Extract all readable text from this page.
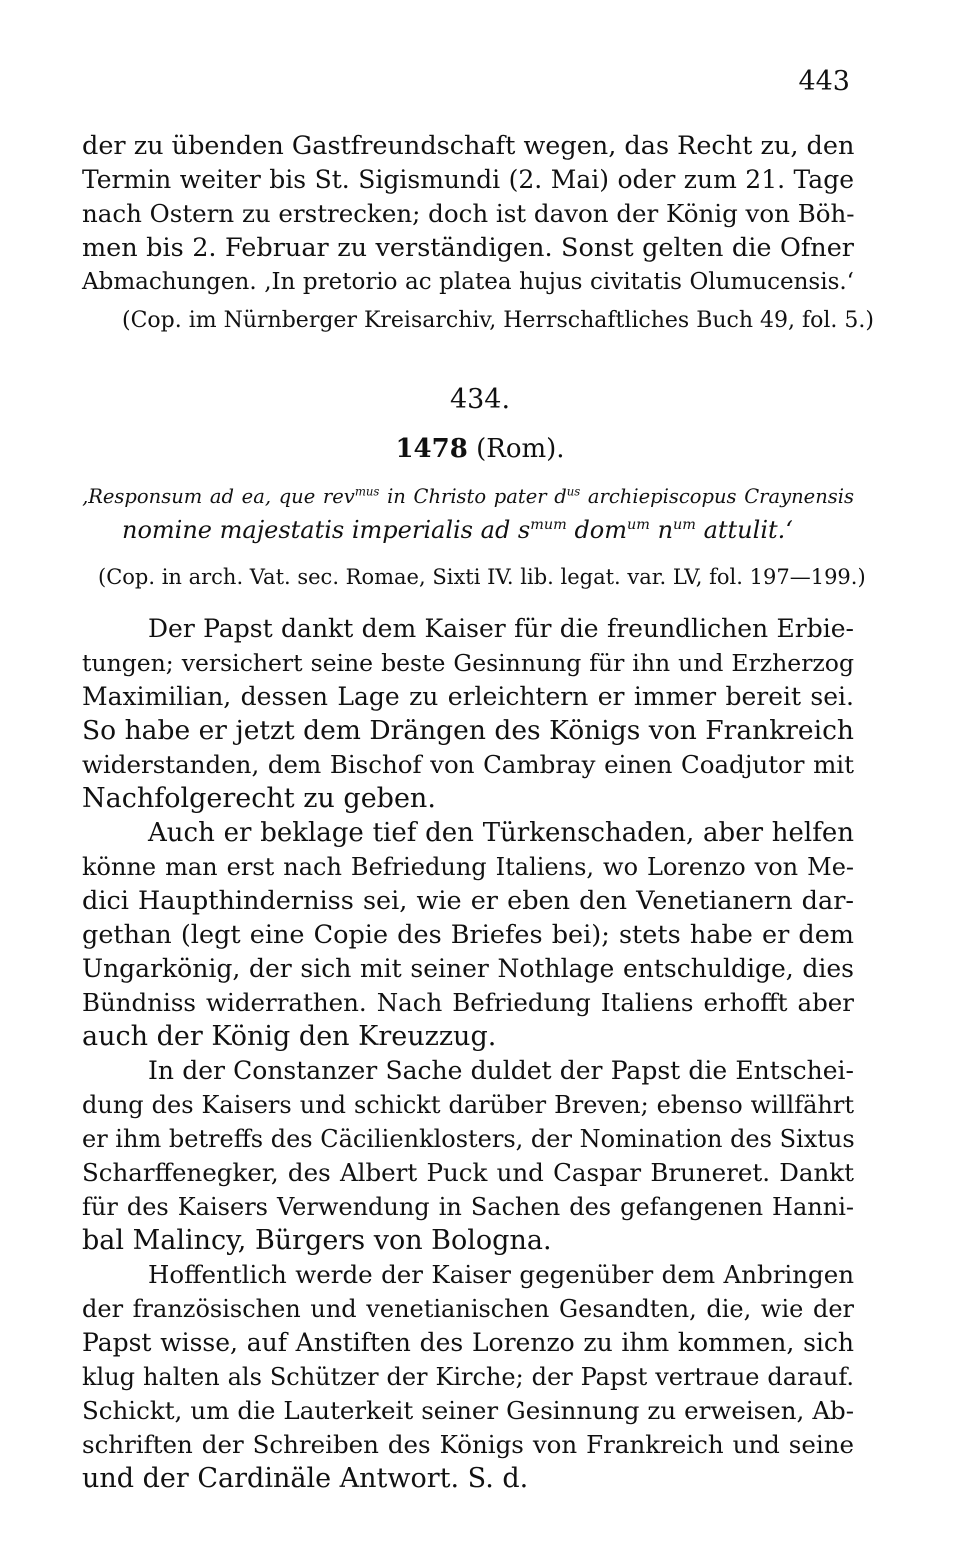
443
der zu übenden Gastfreundschaft wegen, das Recht zu, den
Termin weiter bis St. Sigismundi (2. Mai) oder zum 21. Tage
nach Ostern zu erstrecken; doch ist davon der König von Böh-
men bis 2. Februar zu verständigen. Sonst gelten die Ofner
Abmachungen. ‚In pretorio ac platea hujus civitatis Olumucensis.‘
(Cop. im Nürnberger Kreisarchiv, Herrschaftliches Buch 49, fol. 5.)
434.
1478 (Rom).
‚Responsum ad ea, que rev$^{mus}$ in Christo pater $d^{us}$ archiepiscopus Craynensis
nomine majestatis imperialis ad $s^{mum}$ dom$^{um}$ $n^{um}$ attulit.‘
(Cop. in arch. Vat. sec. Romae, Sixti IV. lib. legat. var. LV, fol. 197—199.)
Der Papst dankt dem Kaiser für die freundlichen Erbie-
tungen; versichert seine beste Gesinnung für ihn und Erzherzog
Maximilian, dessen Lage zu erleichtern er immer bereit sei.
So habe er jetzt dem Drängen des Königs von Frankreich
widerstanden, dem Bischof von Cambray einen Coadjutor mit
Nachfolgerecht zu geben.
Auch er beklage tief den Türkenschaden, aber helfen
könne man erst nach Befriedung Italiens, wo Lorenzo von Me-
dici Haupthinderniss sei, wie er eben den Venetianern dar-
gethan (legt eine Copie des Briefes bei); stets habe er dem
Ungarkönig, der sich mit seiner Nothlage entschuldige, dies
Bündniss widerrathen. Nach Befriedung Italiens erhofft aber
auch der König den Kreuzzug.
In der Constanzer Sache duldet der Papst die Entschei-
dung des Kaisers und schickt darüber Breven; ebenso willfährt
er ihm betreffs des Cäcilienklosters, der Nomination des Sixtus
Scharffenegker, des Albert Puck und Caspar Bruneret. Dankt
für des Kaisers Verwendung in Sachen des gefangenen Hanni-
bal Malincy, Bürgers von Bologna.
Hoffentlich werde der Kaiser gegenüber dem Anbringen
der französischen und venetianischen Gesandten, die, wie der
Papst wisse, auf Anstiften des Lorenzo zu ihm kommen, sich
klug halten als Schützer der Kirche; der Papst vertraue darauf.
Schickt, um die Lauterkeit seiner Gesinnung zu erweisen, Ab-
schriften der Schreiben des Königs von Frankreich und seine
und der Cardinäle Antwort. S. d.
